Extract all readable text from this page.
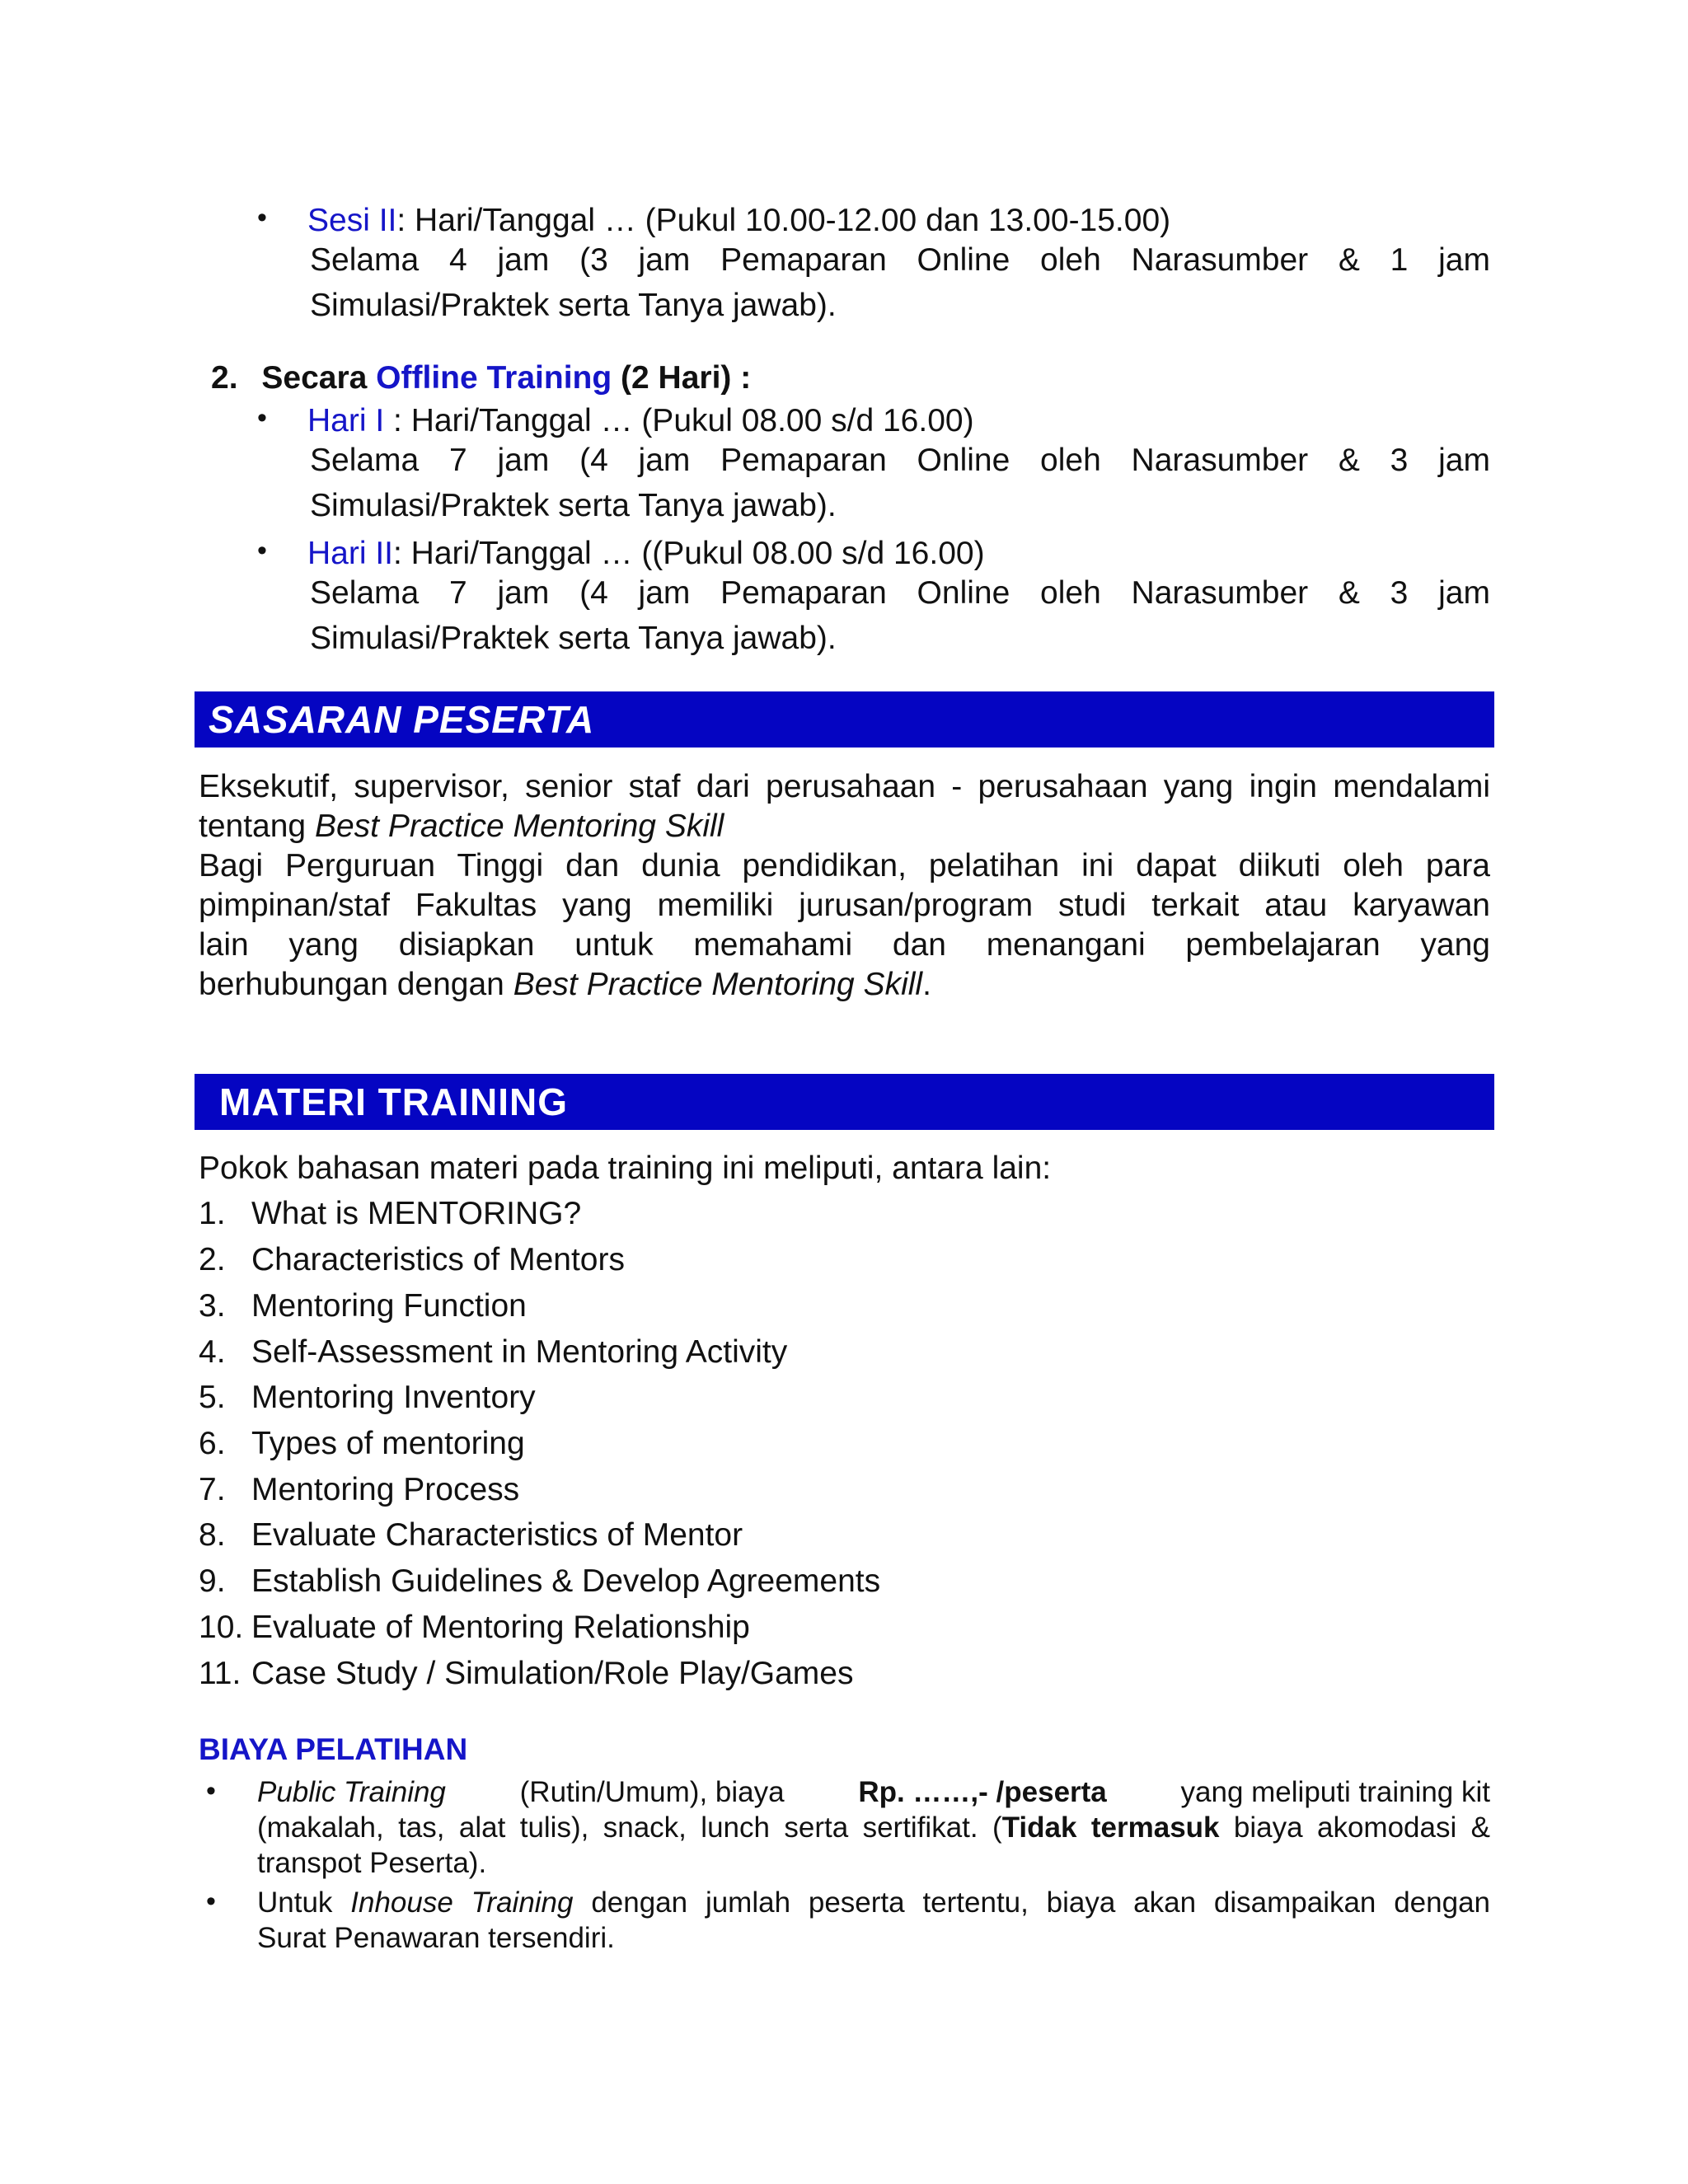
• Sesi II: Hari/Tanggal … (Pukul 10.00-12.00 dan 13.00-15.00)
Selama 4 jam (3 jam Pemaparan Online oleh Narasumber & 1 jam
Simulasi/Praktek serta Tanya jawab).
2. Secara Offline Training (2 Hari) :
• Hari I : Hari/Tanggal … (Pukul 08.00 s/d 16.00)
Selama 7 jam (4 jam Pemaparan Online oleh Narasumber & 3 jam
Simulasi/Praktek serta Tanya jawab).
• Hari II: Hari/Tanggal … ((Pukul 08.00 s/d 16.00)
Selama 7 jam (4 jam Pemaparan Online oleh Narasumber & 3 jam
Simulasi/Praktek serta Tanya jawab).
SASARAN PESERTA
Eksekutif, supervisor, senior staf dari perusahaan - perusahaan yang ingin mendalami
tentang Best Practice Mentoring Skill
Bagi Perguruan Tinggi dan dunia pendidikan, pelatihan ini dapat diikuti oleh para
pimpinan/staf Fakultas yang memiliki jurusan/program studi terkait atau karyawan
lain yang disiapkan untuk memahami dan menangani pembelajaran yang
berhubungan dengan Best Practice Mentoring Skill.
MATERI TRAINING
Pokok bahasan materi pada training ini meliputi, antara lain:
1. What is MENTORING?
2. Characteristics of Mentors
3. Mentoring Function
4. Self-Assessment in Mentoring Activity
5. Mentoring Inventory
6. Types of mentoring
7. Mentoring Process
8. Evaluate Characteristics of Mentor
9. Establish Guidelines & Develop Agreements
10. Evaluate of Mentoring Relationship
11. Case Study / Simulation/Role Play/Games
BIAYA PELATIHAN
• Public Training	(Rutin/Umum), biaya	Rp. ……,- /peserta	yang meliputi training kit
(makalah, tas, alat tulis), snack, lunch serta sertifikat. (Tidak termasuk biaya akomodasi &
transpot Peserta).
• Untuk Inhouse Training dengan jumlah peserta tertentu, biaya akan disampaikan dengan
Surat Penawaran tersendiri.
